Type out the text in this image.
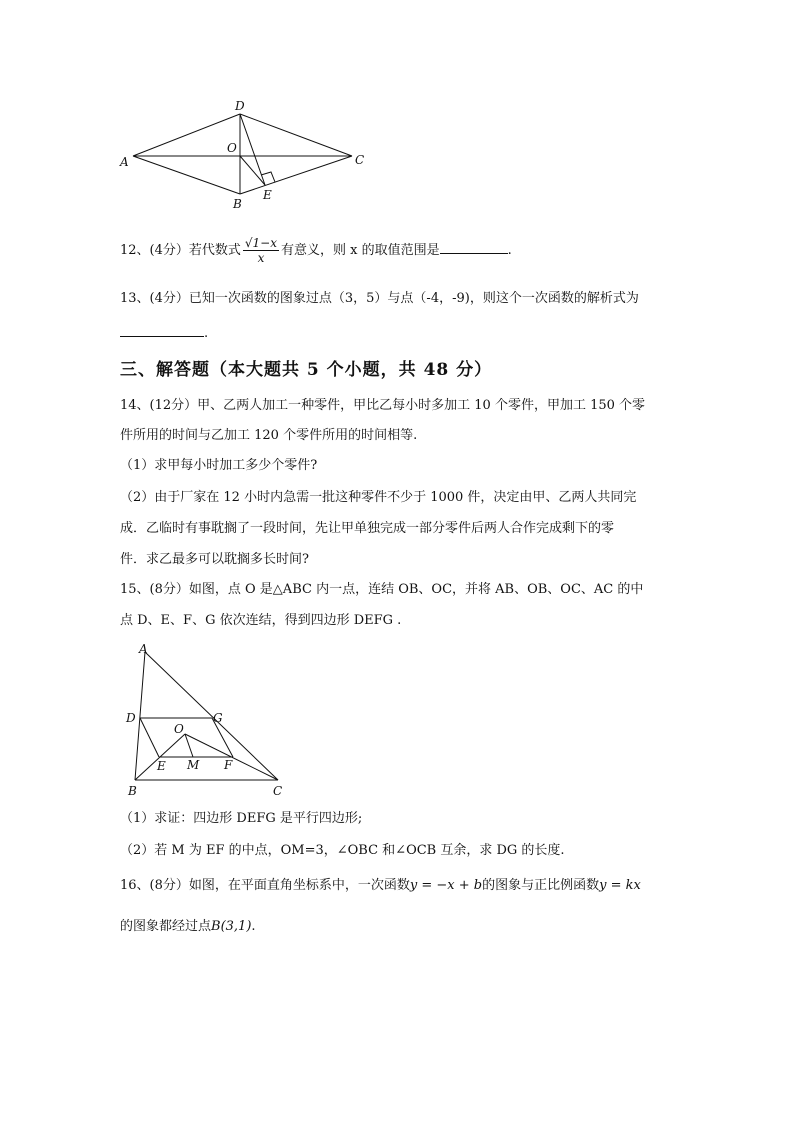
A
D
O
C
B
E
12、(4分）若代数式 $\frac{√1-x}{x}$ 有意义，则 x 的取值范围是	.
13、(4分）已知一次函数的图象过点（3，5）与点（-4，-9)，则这个一次函数的解析式为
.
三、解答题（本大题共 5 个小题，共 48 分）
14、(12分）甲、乙两人加工一种零件，甲比乙每小时多加工 10 个零件，甲加工 150 个零
件所用的时间与乙加工 120 个零件所用的时间相等.
（1）求甲每小时加工多少个零件?
（2）由于厂家在 12 小时内急需一批这种零件不少于 1000 件，决定由甲、乙两人共同完
成．乙临时有事耽搁了一段时间，先让甲单独完成一部分零件后两人合作完成剩下的零
件．求乙最多可以耽搁多长时间?
15、(8分）如图，点 O 是△ABC 内一点，连结 OB、OC，并将 AB、OB、OC、AC 的中
点 D、E、F、G 依次连结，得到四边形 DEFG .
A
D	G
O
E M F
B	C
（1）求证：四边形 DEFG 是平行四边形;
（2）若 M 为 EF 的中点，OM=3，∠OBC 和∠OCB 互余，求 DG 的长度.
16、(8分）如图，在平面直角坐标系中，一次函数y = −x + b的图象与正比例函数y = kx
的图象都经过点B(3,1).
